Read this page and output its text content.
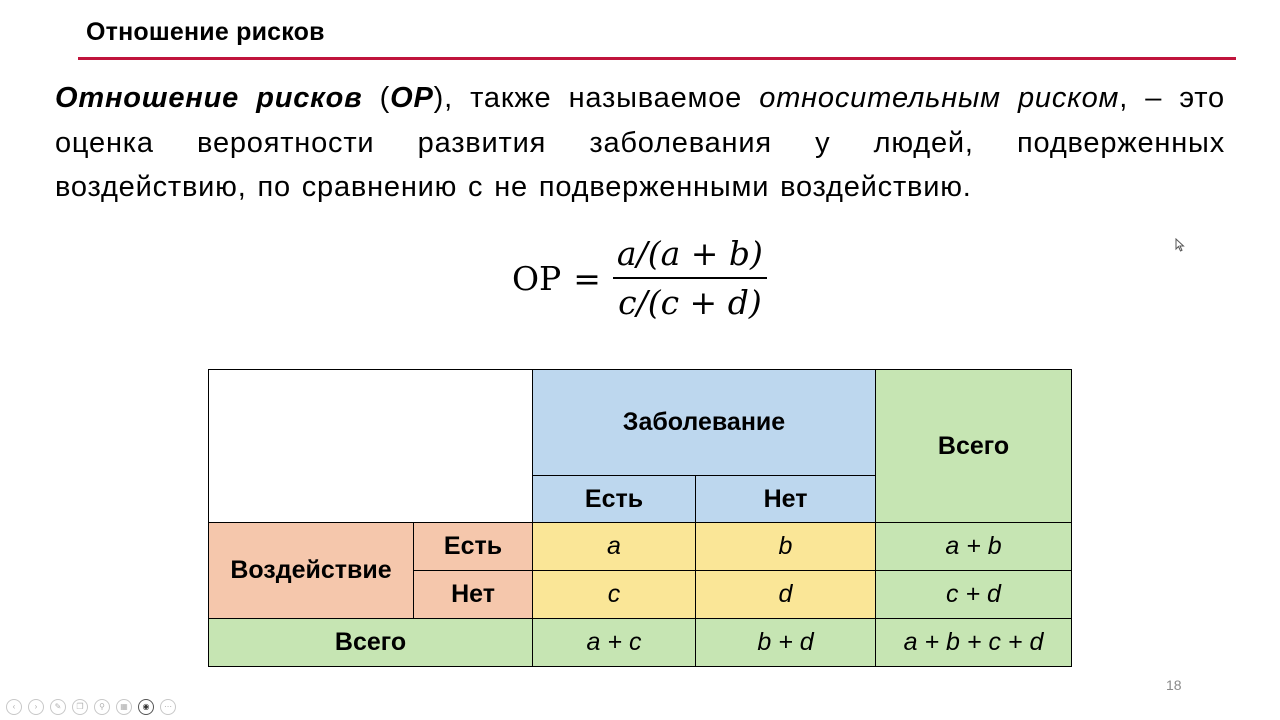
Отношение рисков
Отношение рисков (ОР), также называемое относительным риском, – это оценка вероятности развития заболевания у людей, подверженных воздействию, по сравнению с не подверженными воздействию.
ОР = $\frac{a/(a + b)}{c/(c + d)}$
		Заболевание		Всего
		Есть	Нет	
Воздействие	Есть	a	b	a + b
	Нет	c	d	c + d
Всего		a + c	b + d	a + b + c + d
18
‹	›	✎	❐	⚲	▦	◉	⋯
